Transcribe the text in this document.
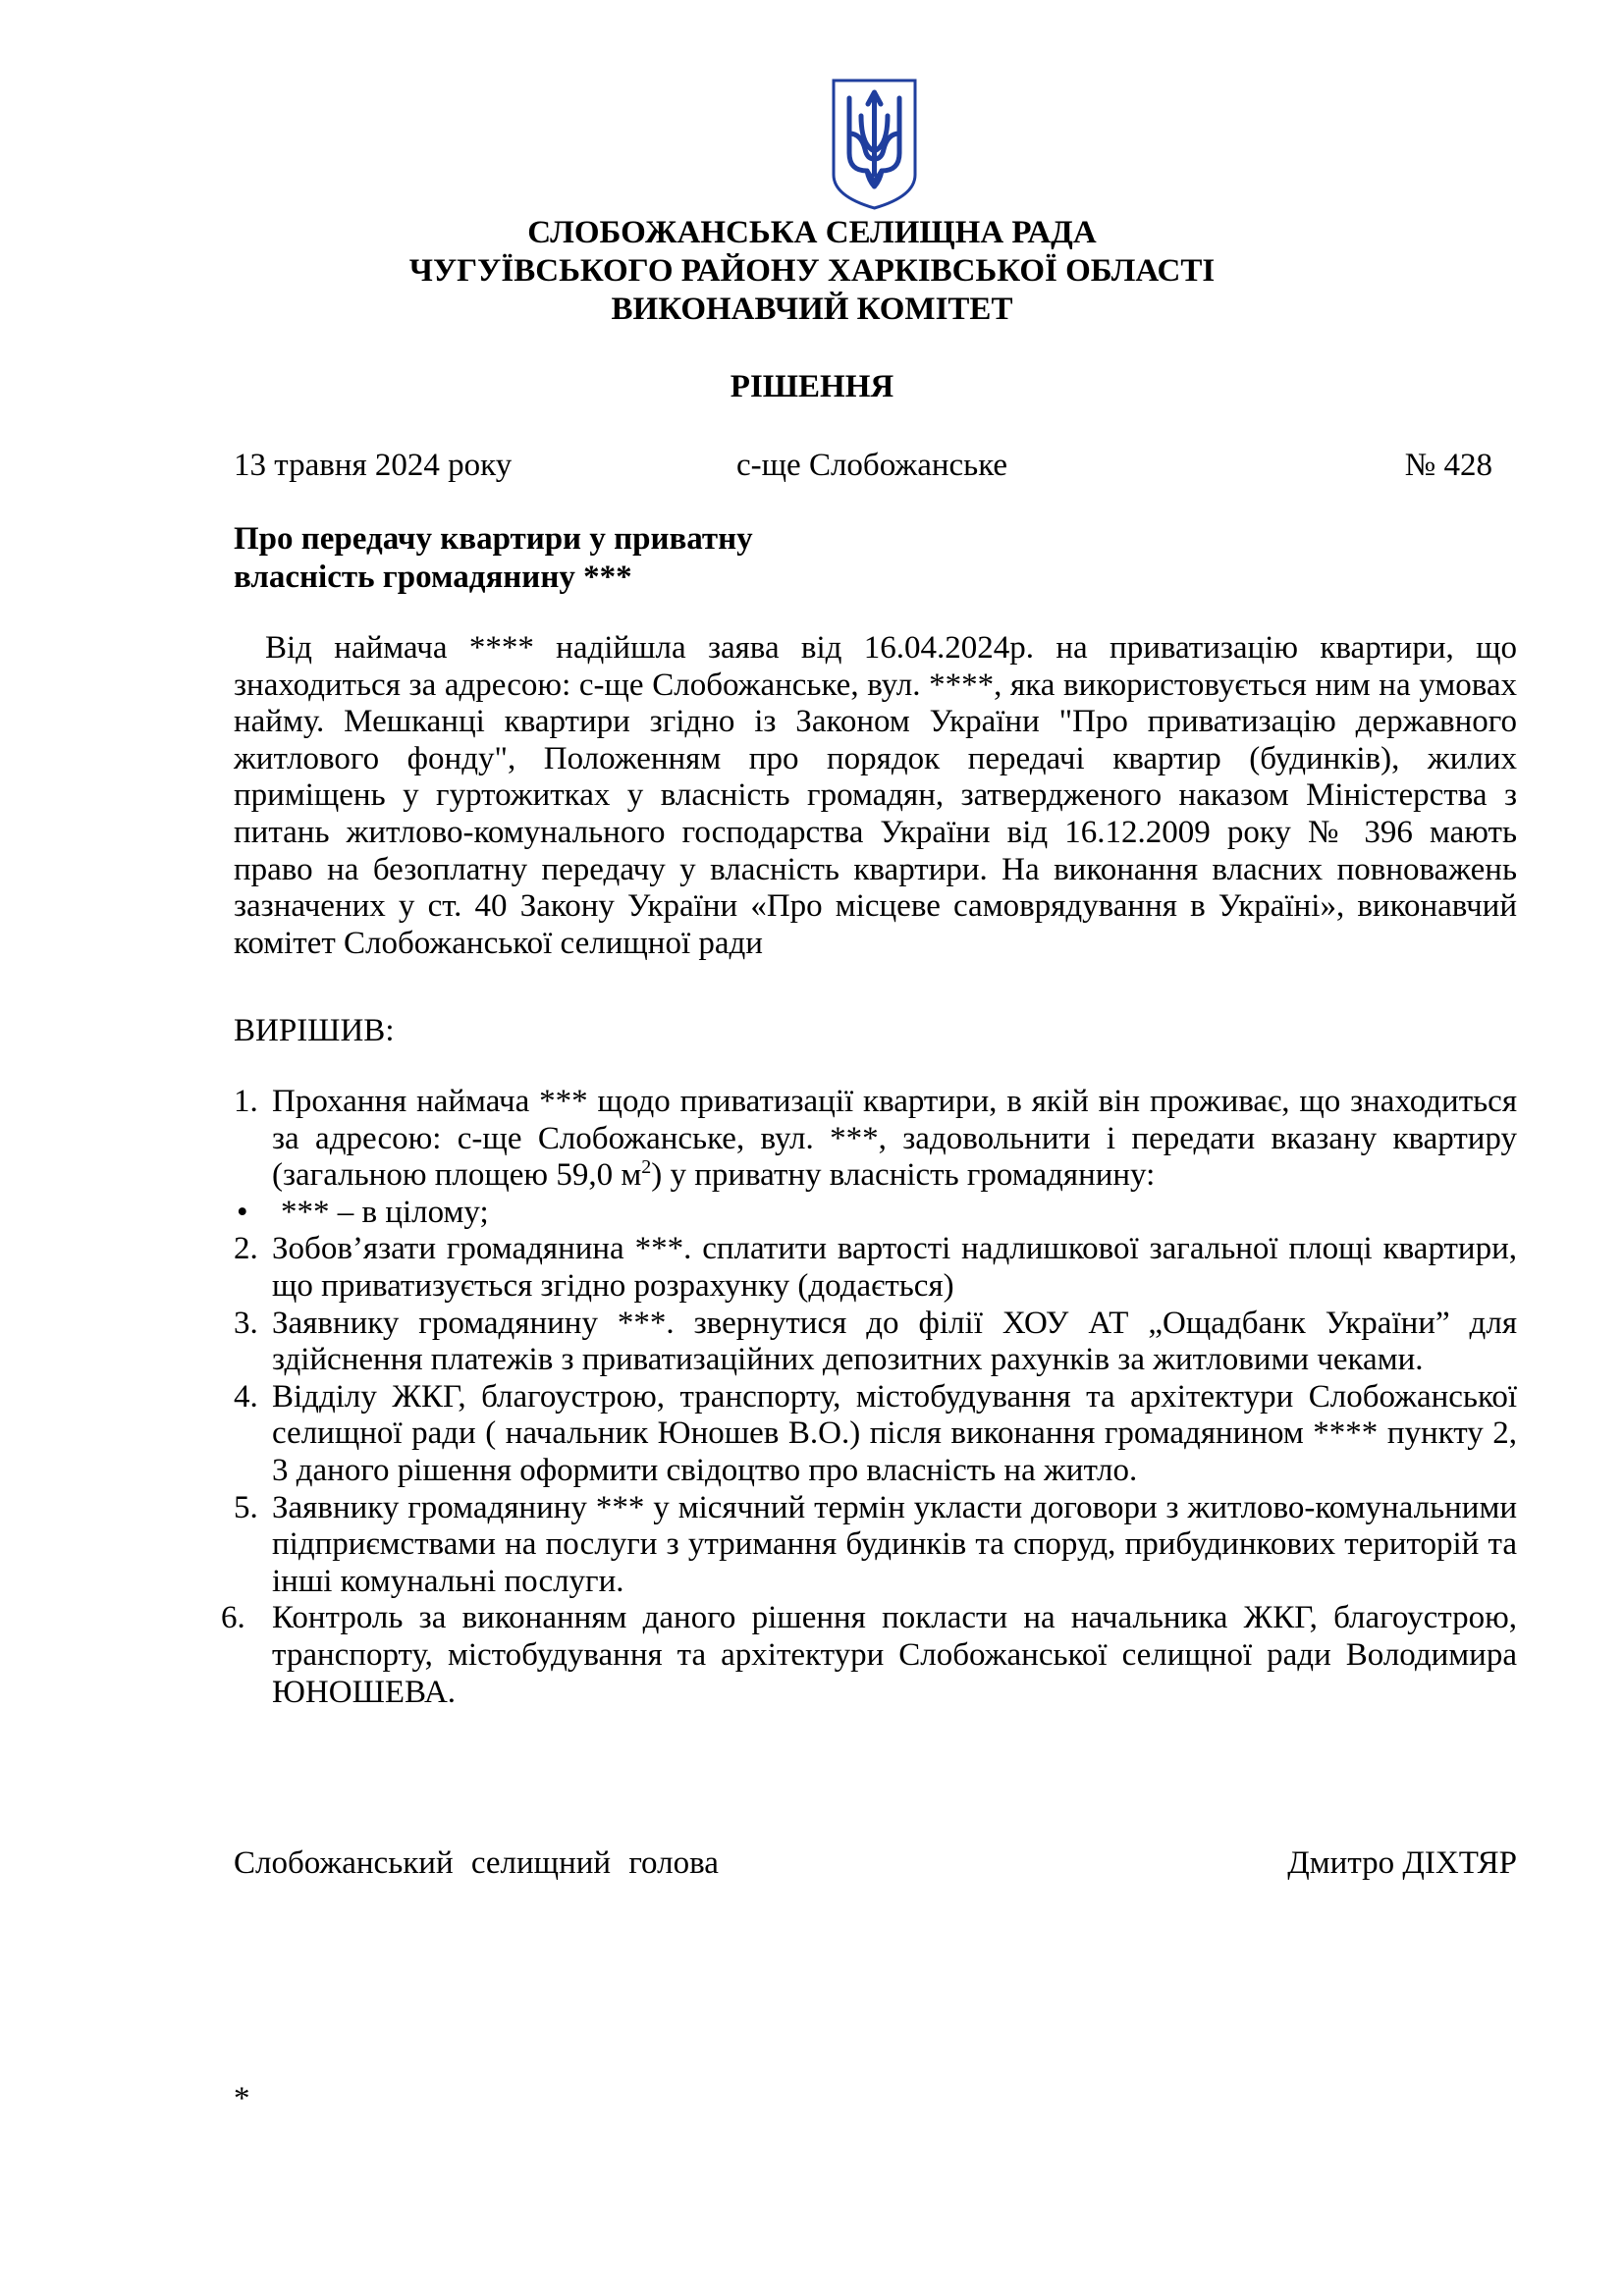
СЛОБОЖАНСЬКА СЕЛИЩНА РАДА
ЧУГУЇВСЬКОГО РАЙОНУ ХАРКІВСЬКОЇ ОБЛАСТІ
ВИКОНАВЧИЙ КОМІТЕТ
РІШЕННЯ
13 травня 2024 року	с-ще Слобожанське	№ 428
Про передачу квартири у приватну
власність громадянину ***

Від наймача **** надійшла заява від 16.04.2024р. на приватизацію квартири, що знаходиться за адресою: с-ще Слобожанське, вул. ****, яка використовується ним на умовах найму. Мешканці квартири згідно із Законом України "Про приватизацію державного житлового фонду", Положенням про порядок передачі квартир (будинків), жилих приміщень у гуртожитках у власність громадян, затвердженого наказом Міністерства з питань житлово-комунального господарства України від 16.12.2009 року № 396 мають право на безоплатну передачу у власність квартири. На виконання власних повноважень зазначених у ст. 40 Закону України «Про місцеве самоврядування в Україні», виконавчий комітет Слобожанської селищної ради

ВИРІШИВ:
1. Прохання наймача *** щодо приватизації квартири, в якій він проживає, що знаходиться за адресою: с-ще Слобожанське, вул. ***, задовольнити і передати вказану квартиру (загальною площею 59,0 $м^2$) у приватну власність громадянину:
• *** – в цілому;
2. Зобов’язати громадянина ***. сплатити вартості надлишкової загальної площі квартири, що приватизується згідно розрахунку (додається)
3. Заявнику громадянину ***. звернутися до філії ХОУ АТ „Ощадбанк України” для здійснення платежів з приватизаційних депозитних рахунків за житловими чеками.
4. Відділу ЖКГ, благоустрою, транспорту, містобудування та архітектури Слобожанської селищної ради ( начальник Юношев В.О.) після виконання громадянином **** пункту 2, 3 даного рішення оформити свідоцтво про власність на житло.
5. Заявнику громадянину *** у місячний термін укласти договори з житлово-комунальними підприємствами на послуги з утримання будинків та споруд, прибудинкових територій та інші комунальні послуги.
6. Контроль за виконанням даного рішення покласти на начальника ЖКГ, благоустрою, транспорту, містобудування та архітектури Слобожанської селищної ради Володимира ЮНОШЕВА.
Слобожанський селищний голова	Дмитро ДІХТЯР
*
